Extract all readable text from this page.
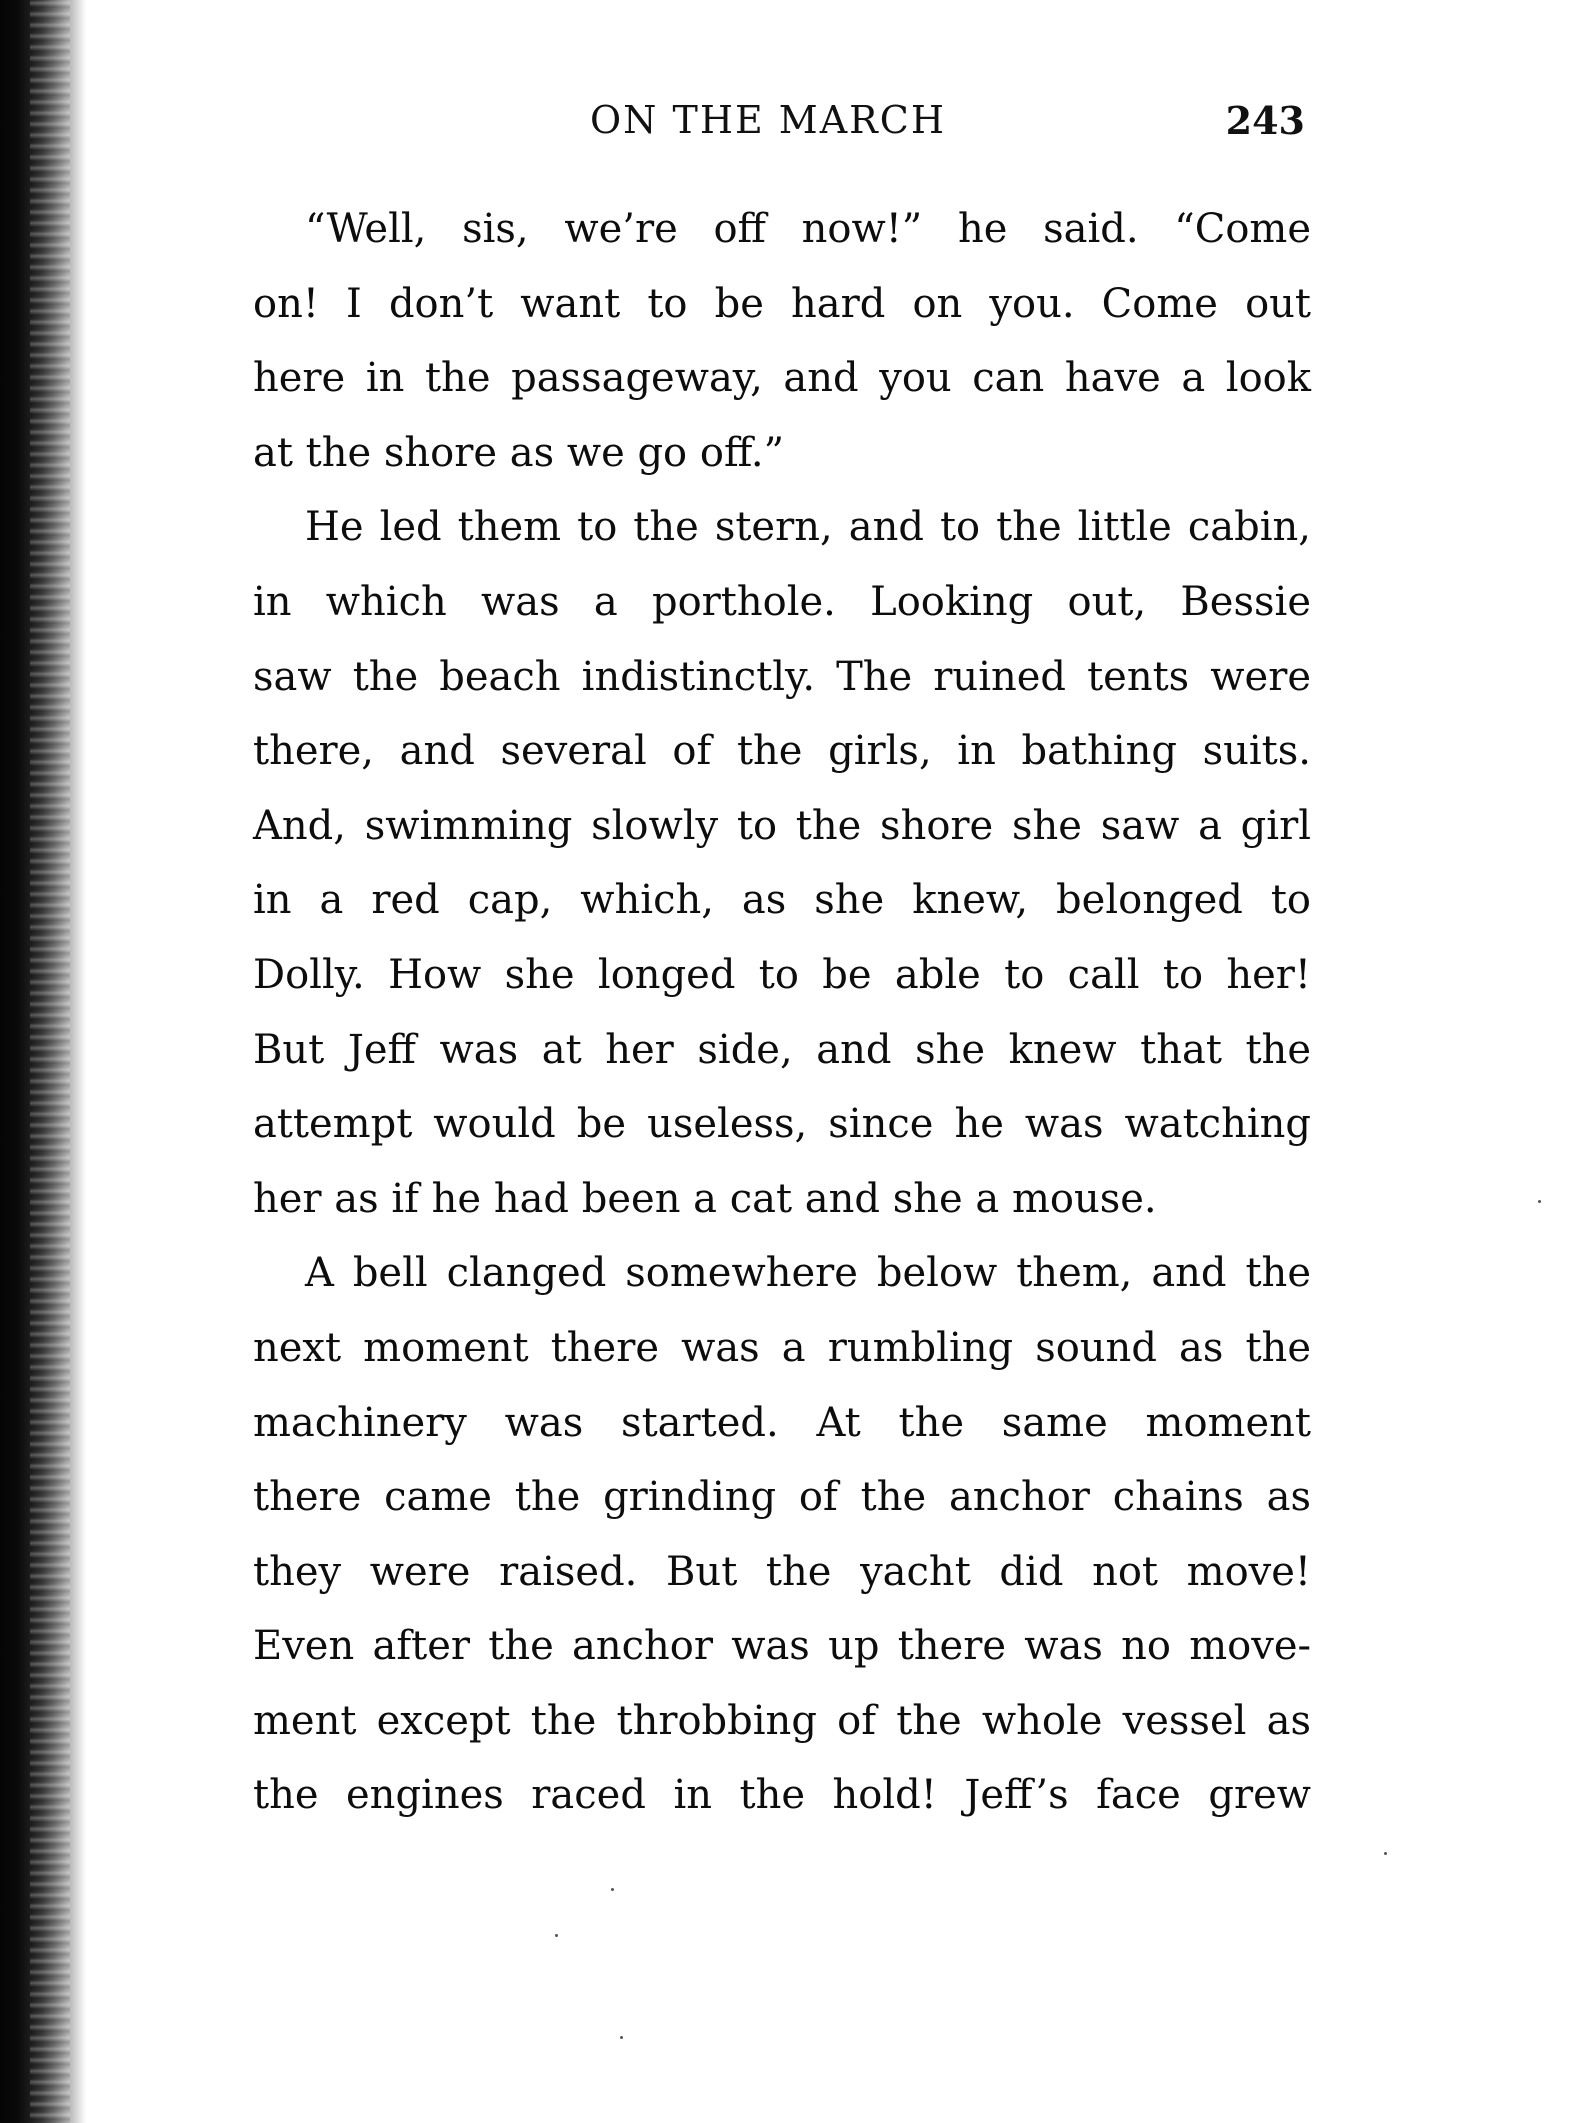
ON THE MARCH	243
“Well, sis, we’re off now!” he said. “Come
on! I don’t want to be hard on you. Come out
here in the passageway, and you can have a look
at the shore as we go off.”
He led them to the stern, and to the little cabin,
in which was a porthole. Looking out, Bessie
saw the beach indistinctly. The ruined tents were
there, and several of the girls, in bathing suits.
And, swimming slowly to the shore she saw a girl
in a red cap, which, as she knew, belonged to
Dolly. How she longed to be able to call to her!
But Jeff was at her side, and she knew that the
attempt would be useless, since he was watching
her as if he had been a cat and she a mouse.
A bell clanged somewhere below them, and the
next moment there was a rumbling sound as the
machinery was started. At the same moment
there came the grinding of the anchor chains as
they were raised. But the yacht did not move!
Even after the anchor was up there was no move-
ment except the throbbing of the whole vessel as
the engines raced in the hold! Jeff’s face grew
